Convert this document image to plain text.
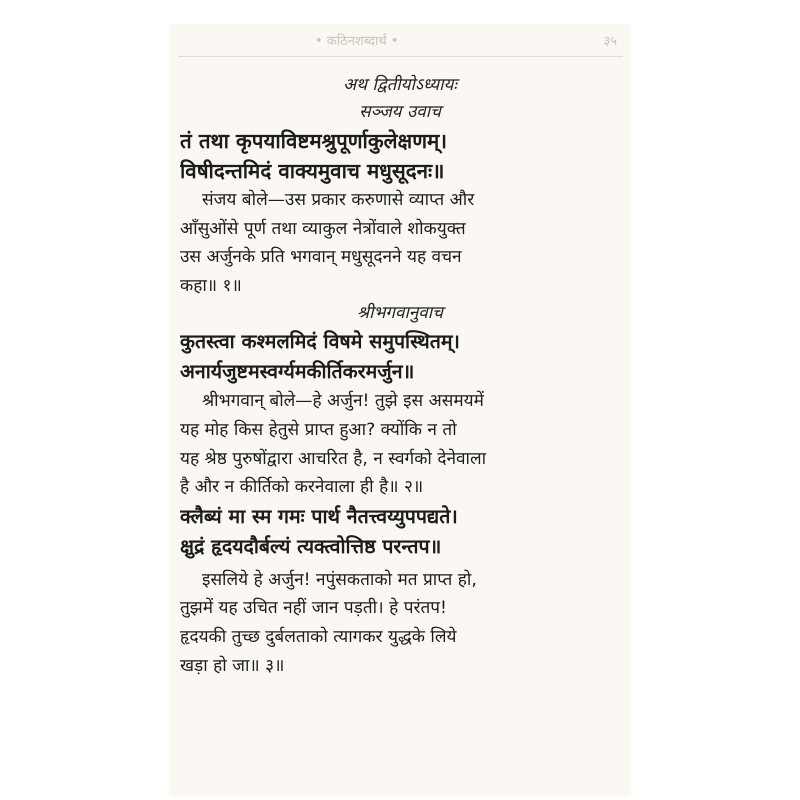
• कठिनशब्दार्थ •	३५
अथ द्वितीयोऽध्यायः
सञ्जय उवाच
तं तथा कृपयाविष्टमश्रुपूर्णाकुलेक्षणम्।
विषीदन्तमिदं वाक्यमुवाच मधुसूदनः॥
संजय बोले—उस प्रकार करुणासे व्याप्त और
आँसुओंसे पूर्ण तथा व्याकुल नेत्रोंवाले शोकयुक्त
उस अर्जुनके प्रति भगवान् मधुसूदनने यह वचन
कहा॥ १॥
श्रीभगवानुवाच
कुतस्त्वा कश्मलमिदं विषमे समुपस्थितम्।
अनार्यजुष्टमस्वर्ग्यमकीर्तिकरमर्जुन॥
श्रीभगवान् बोले—हे अर्जुन! तुझे इस असमयमें
यह मोह किस हेतुसे प्राप्त हुआ? क्योंकि न तो
यह श्रेष्ठ पुरुषोंद्वारा आचरित है, न स्वर्गको देनेवाला
है और न कीर्तिको करनेवाला ही है॥ २॥
क्लैब्यं मा स्म गमः पार्थ नैतत्त्वय्युपपद्यते।
क्षुद्रं हृदयदौर्बल्यं त्यक्त्वोत्तिष्ठ परन्तप॥
इसलिये हे अर्जुन! नपुंसकताको मत प्राप्त हो,
तुझमें यह उचित नहीं जान पड़ती। हे परंतप!
हृदयकी तुच्छ दुर्बलताको त्यागकर युद्धके लिये
खड़ा हो जा॥ ३॥
